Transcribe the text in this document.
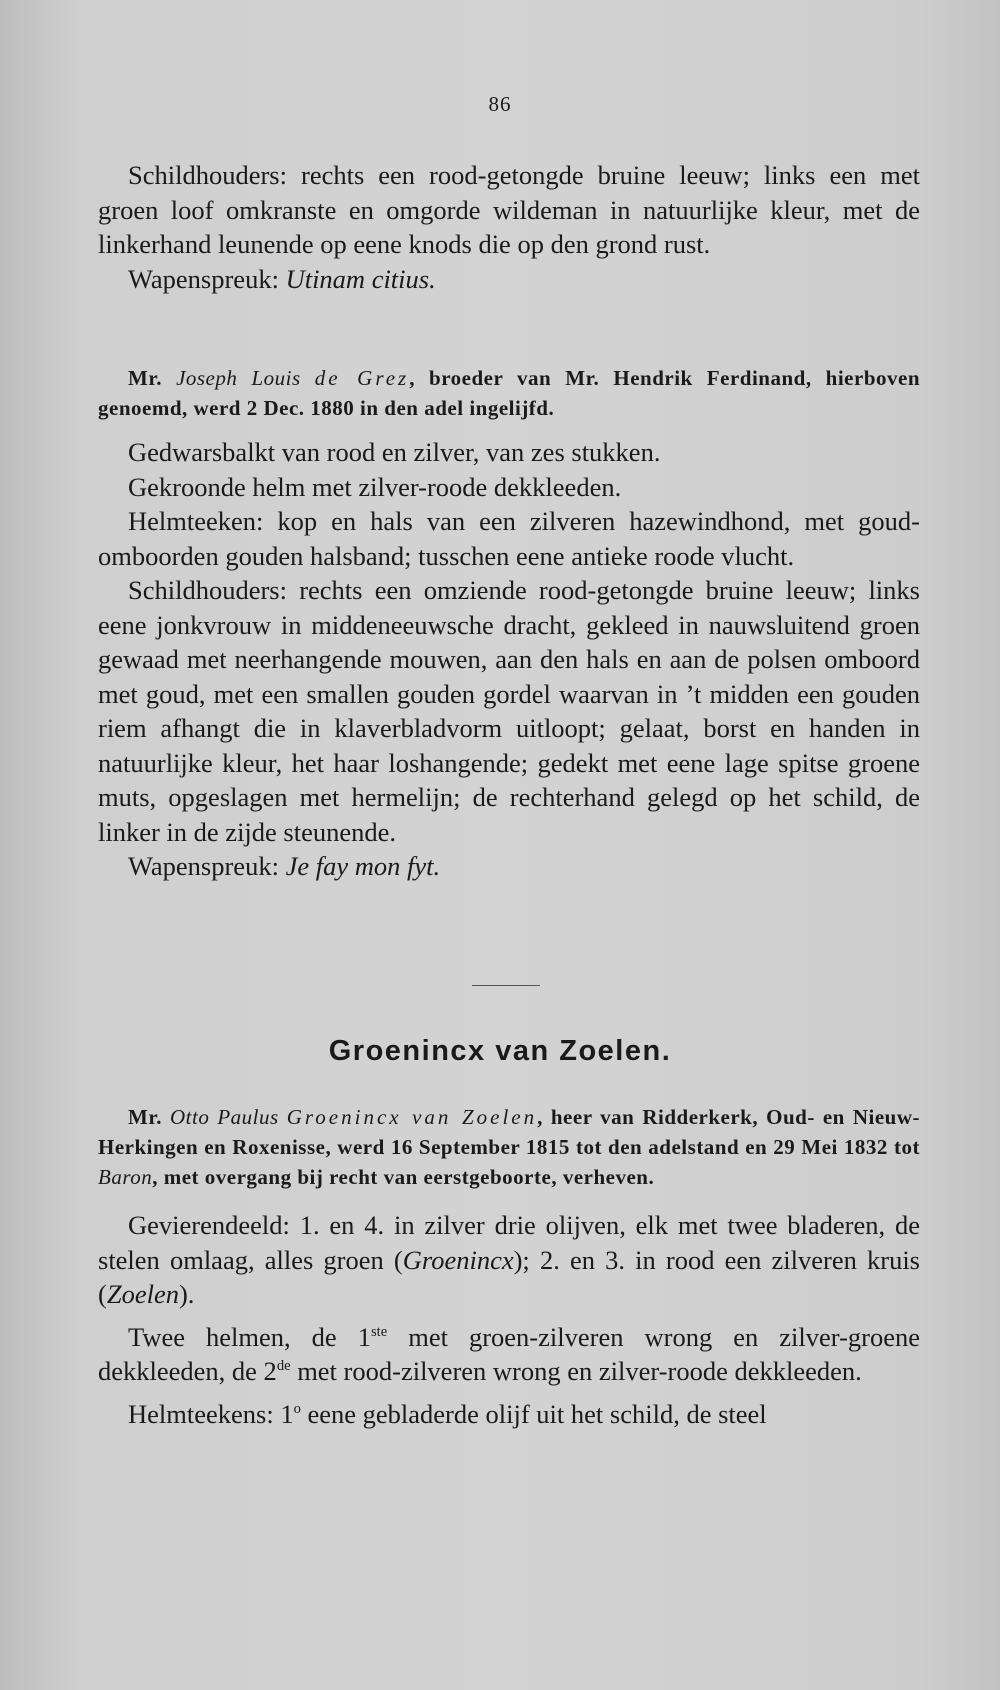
86

Schildhouders: rechts een rood-getongde bruine leeuw; links een met groen loof omkranste en omgorde wildeman in natuurlijke kleur, met de linkerhand leunende op eene knods die op den grond rust.

Wapenspreuk: Utinam citius.

Mr. Joseph Louis de Grez, broeder van Mr. Hendrik Ferdinand, hierboven genoemd, werd 2 Dec. 1880 in den adel ingelijfd.

Gedwarsbalkt van rood en zilver, van zes stukken.

Gekroonde helm met zilver-roode dekkleeden.

Helmteeken: kop en hals van een zilveren hazewindhond, met goud-omboorden gouden halsband; tusschen eene antieke roode vlucht.

Schildhouders: rechts een omziende rood-getongde bruine leeuw; links eene jonkvrouw in middeneeuwsche dracht, gekleed in nauwsluitend groen gewaad met neerhangende mouwen, aan den hals en aan de polsen omboord met goud, met een smallen gouden gordel waarvan in ’t midden een gouden riem afhangt die in klaverbladvorm uitloopt; gelaat, borst en handen in natuurlijke kleur, het haar loshangende; gedekt met eene lage spitse groene muts, opgeslagen met hermelijn; de rechterhand gelegd op het schild, de linker in de zijde steunende.

Wapenspreuk: Je fay mon fyt.

Groenincx van Zoelen.

Mr. Otto Paulus Groenincx van Zoelen, heer van Ridderkerk, Oud- en Nieuw-Herkingen en Roxenisse, werd 16 September 1815 tot den adelstand en 29 Mei 1832 tot Baron, met overgang bij recht van eerstgeboorte, verheven.

Gevierendeeld: 1. en 4. in zilver drie olijven, elk met twee bladeren, de stelen omlaag, alles groen (Groenincx); 2. en 3. in rood een zilveren kruis (Zoelen).

Twee helmen, de 1ste met groen-zilveren wrong en zilver-groene dekkleeden, de 2de met rood-zilveren wrong en zilver-roode dekkleeden.

Helmteekens: 1$^o$ eene gebladerde olijf uit het schild, de steel
